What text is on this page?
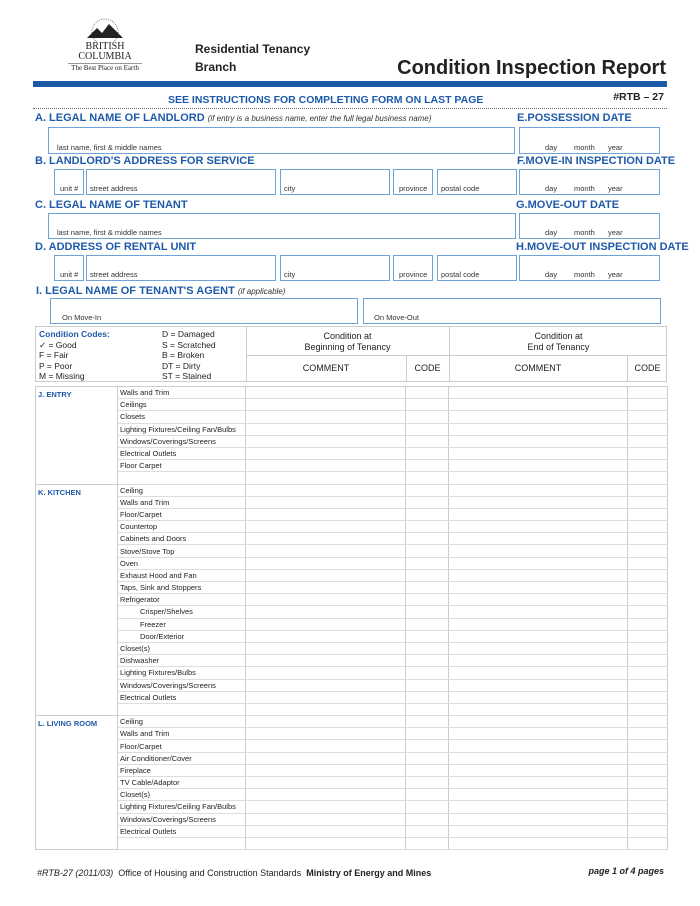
BRITISH
COLUMBIA
The Best Place on Earth
Residential Tenancy
Branch	Condition Inspection Report
SEE INSTRUCTIONS FOR COMPLETING FORM ON LAST PAGE	#RTB – 27
A. LEGAL NAME OF LANDLORD (if entry is a business name, enter the full legal business name)
last name, first & middle names
E.POSSESSION DATE
day month year
B. LANDLORD'S ADDRESS FOR SERVICE	F.MOVE-IN INSPECTION DATE
unit # street address	city	province postal code	day month year
C. LEGAL NAME OF TENANT	G.MOVE-OUT DATE
last name, first & middle names	day month year
D. ADDRESS OF RENTAL UNIT	H.MOVE-OUT INSPECTION DATE
unit # street address	city	province postal code	day month year
I. LEGAL NAME OF TENANT'S AGENT (if applicable)
On Move-In	On Move-Out
Condition Codes:
✓ = Good
F = Fair
P = Poor
M = Missing
D = Damaged
S = Scratched
B = Broken
DT = Dirty
ST = Stained
Condition at
Beginning of Tenancy
Condition at
End of Tenancy
COMMENT	CODE	COMMENT	CODE
J. ENTRY	Walls and Trim				
	Ceilings				
	Closets				
	Lighting Fixtures/Ceiling Fan/Bulbs				
	Windows/Coverings/Screens				
	Electrical Outlets				
	Floor Carpet				

K. KITCHEN	Ceiling				
	Walls and Trim				
	Floor/Carpet				
	Countertop				
	Cabinets and Doors				
	Stove/Stove Top				
	Oven				
	Exhaust Hood and Fan				
	Taps, Sink and Stoppers				
	Refrigerator				
	Crisper/Shelves				
	Freezer				
	Door/Exterior				
	Closet(s)				
	Dishwasher				
	Lighting Fixtures/Bulbs				
	Windows/Coverings/Screens				
	Electrical Outlets				

L. LIVING ROOM	Ceiling				
	Walls and Trim				
	Floor/Carpet				
	Air Conditioner/Cover				
	Fireplace				
	TV Cable/Adaptor				
	Closet(s)				
	Lighting Fixtures/Ceiling Fan/Bulbs				
	Windows/Coverings/Screens				
	Electrical Outlets				

#RTB-27 (2011/03) Office of Housing and Construction Standards Ministry of Energy and Mines	page 1 of 4 pages
